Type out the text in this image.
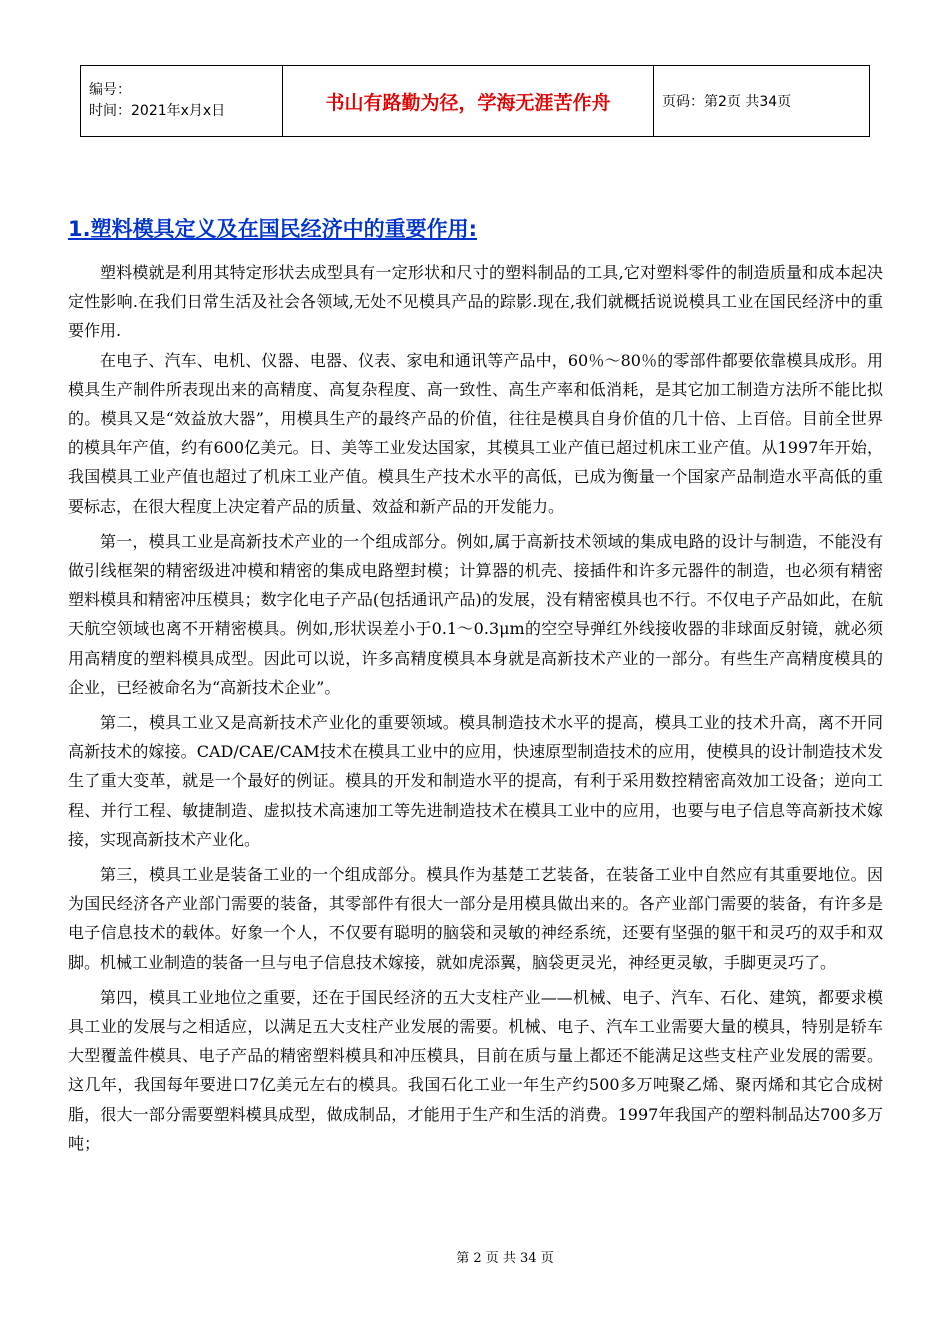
编号：
时间：2021年x月x日	书山有路勤为径，学海无涯苦作舟	页码：第2页 共34页
1.塑料模具定义及在国民经济中的重要作用:

塑料模就是利用其特定形状去成型具有一定形状和尺寸的塑料制品的工具,它对塑料零件的制造质量和成本起决定性影响.在我们日常生活及社会各领域,无处不见模具产品的踪影.现在,我们就概括说说模具工业在国民经济中的重要作用.

在电子、汽车、电机、仪器、电器、仪表、家电和通讯等产品中，60％～80％的零部件都要依靠模具成形。用模具生产制件所表现出来的高精度、高复杂程度、高一致性、高生产率和低消耗，是其它加工制造方法所不能比拟的。模具又是“效益放大器”，用模具生产的最终产品的价值，往往是模具自身价值的几十倍、上百倍。目前全世界的模具年产值，约有600亿美元。日、美等工业发达国家，其模具工业产值已超过机床工业产值。从1997年开始，我国模具工业产值也超过了机床工业产值。模具生产技术水平的高低，已成为衡量一个国家产品制造水平高低的重要标志，在很大程度上决定着产品的质量、效益和新产品的开发能力。

第一，模具工业是高新技术产业的一个组成部分。例如,属于高新技术领域的集成电路的设计与制造，不能没有做引线框架的精密级进冲模和精密的集成电路塑封模；计算器的机壳、接插件和许多元器件的制造，也必须有精密塑料模具和精密冲压模具；数字化电子产品(包括通讯产品)的发展，没有精密模具也不行。不仅电子产品如此，在航天航空领域也离不开精密模具。例如,形状误差小于0.1～0.3μm的空空导弹红外线接收器的非球面反射镜，就必须用高精度的塑料模具成型。因此可以说，许多高精度模具本身就是高新技术产业的一部分。有些生产高精度模具的企业，已经被命名为“高新技术企业”。

第二，模具工业又是高新技术产业化的重要领域。模具制造技术水平的提高，模具工业的技术升高，离不开同高新技术的嫁接。CAD/CAE/CAM技术在模具工业中的应用，快速原型制造技术的应用，使模具的设计制造技术发生了重大变革，就是一个最好的例证。模具的开发和制造水平的提高，有利于采用数控精密高效加工设备；逆向工程、并行工程、敏捷制造、虚拟技术高速加工等先进制造技术在模具工业中的应用，也要与电子信息等高新技术嫁接，实现高新技术产业化。

第三，模具工业是装备工业的一个组成部分。模具作为基楚工艺装备，在装备工业中自然应有其重要地位。因为国民经济各产业部门需要的装备，其零部件有很大一部分是用模具做出来的。各产业部门需要的装备，有许多是电子信息技术的载体。好象一个人，不仅要有聪明的脑袋和灵敏的神经系统，还要有坚强的躯干和灵巧的双手和双脚。机械工业制造的装备一旦与电子信息技术嫁接，就如虎添翼，脑袋更灵光，神经更灵敏，手脚更灵巧了。

第四，模具工业地位之重要，还在于国民经济的五大支柱产业——机械、电子、汽车、石化、建筑，都要求模具工业的发展与之相适应，以满足五大支柱产业发展的需要。机械、电子、汽车工业需要大量的模具，特别是轿车大型覆盖件模具、电子产品的精密塑料模具和冲压模具，目前在质与量上都还不能满足这些支柱产业发展的需要。这几年，我国每年要进口7亿美元左右的模具。我国石化工业一年生产约500多万吨聚乙烯、聚丙烯和其它合成树脂，很大一部分需要塑料模具成型，做成制品，才能用于生产和生活的消费。1997年我国产的塑料制品达700多万吨；

第 2 页 共 34 页
